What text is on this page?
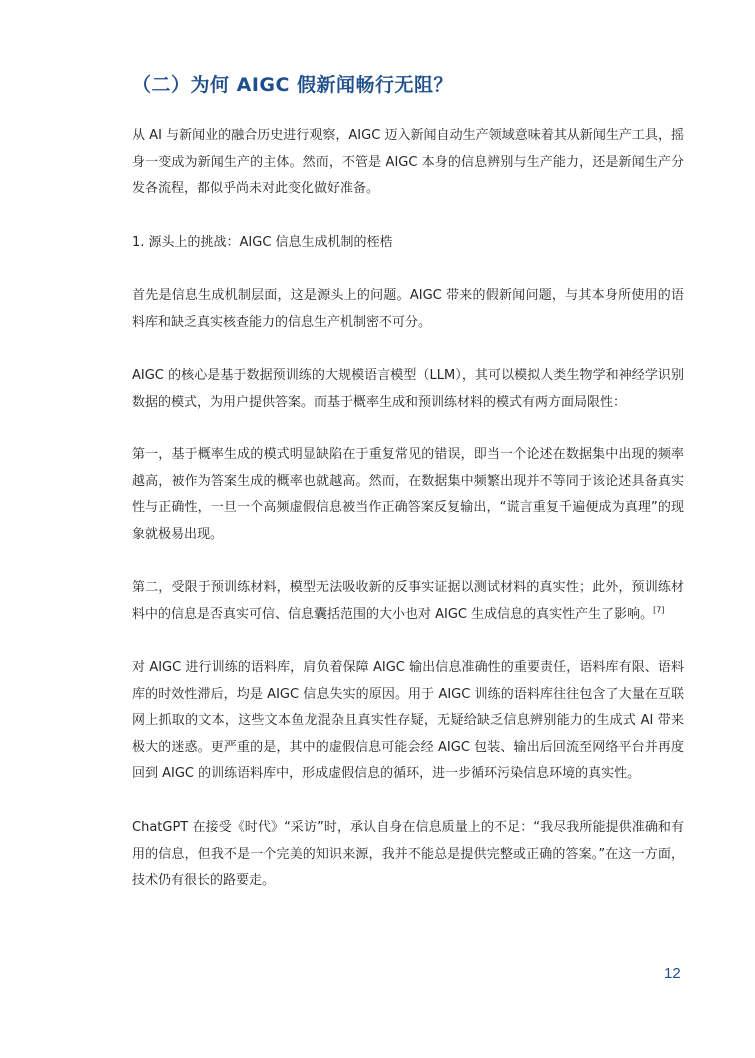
（二）为何 AIGC 假新闻畅行无阻？

从 AI 与新闻业的融合历史进行观察，AIGC 迈入新闻自动生产领域意味着其从新闻生产工具，摇身一变成为新闻生产的主体。然而，不管是 AIGC 本身的信息辨别与生产能力，还是新闻生产分发各流程，都似乎尚未对此变化做好准备。

1. 源头上的挑战：AIGC 信息生成机制的桎梏

首先是信息生成机制层面，这是源头上的问题。AIGC 带来的假新闻问题，与其本身所使用的语料库和缺乏真实核查能力的信息生产机制密不可分。

AIGC 的核心是基于数据预训练的大规模语言模型（LLM），其可以模拟人类生物学和神经学识别数据的模式，为用户提供答案。而基于概率生成和预训练材料的模式有两方面局限性：

第一，基于概率生成的模式明显缺陷在于重复常见的错误，即当一个论述在数据集中出现的频率越高，被作为答案生成的概率也就越高。然而，在数据集中频繁出现并不等同于该论述具备真实性与正确性，一旦一个高频虚假信息被当作正确答案反复输出，“谎言重复千遍便成为真理”的现象就极易出现。

第二，受限于预训练材料，模型无法吸收新的反事实证据以测试材料的真实性；此外，预训练材料中的信息是否真实可信、信息囊括范围的大小也对 AIGC 生成信息的真实性产生了影响。[7]

对 AIGC 进行训练的语料库，肩负着保障 AIGC 输出信息准确性的重要责任，语料库有限、语料库的时效性滞后，均是 AIGC 信息失实的原因。用于 AIGC 训练的语料库往往包含了大量在互联网上抓取的文本，这些文本鱼龙混杂且真实性存疑，无疑给缺乏信息辨别能力的生成式 AI 带来极大的迷惑。更严重的是，其中的虚假信息可能会经 AIGC 包装、输出后回流至网络平台并再度回到 AIGC 的训练语料库中，形成虚假信息的循环，进一步循环污染信息环境的真实性。

ChatGPT 在接受《时代》“采访”时，承认自身在信息质量上的不足：“我尽我所能提供准确和有用的信息，但我不是一个完美的知识来源，我并不能总是提供完整或正确的答案。”在这一方面，技术仍有很长的路要走。

12
